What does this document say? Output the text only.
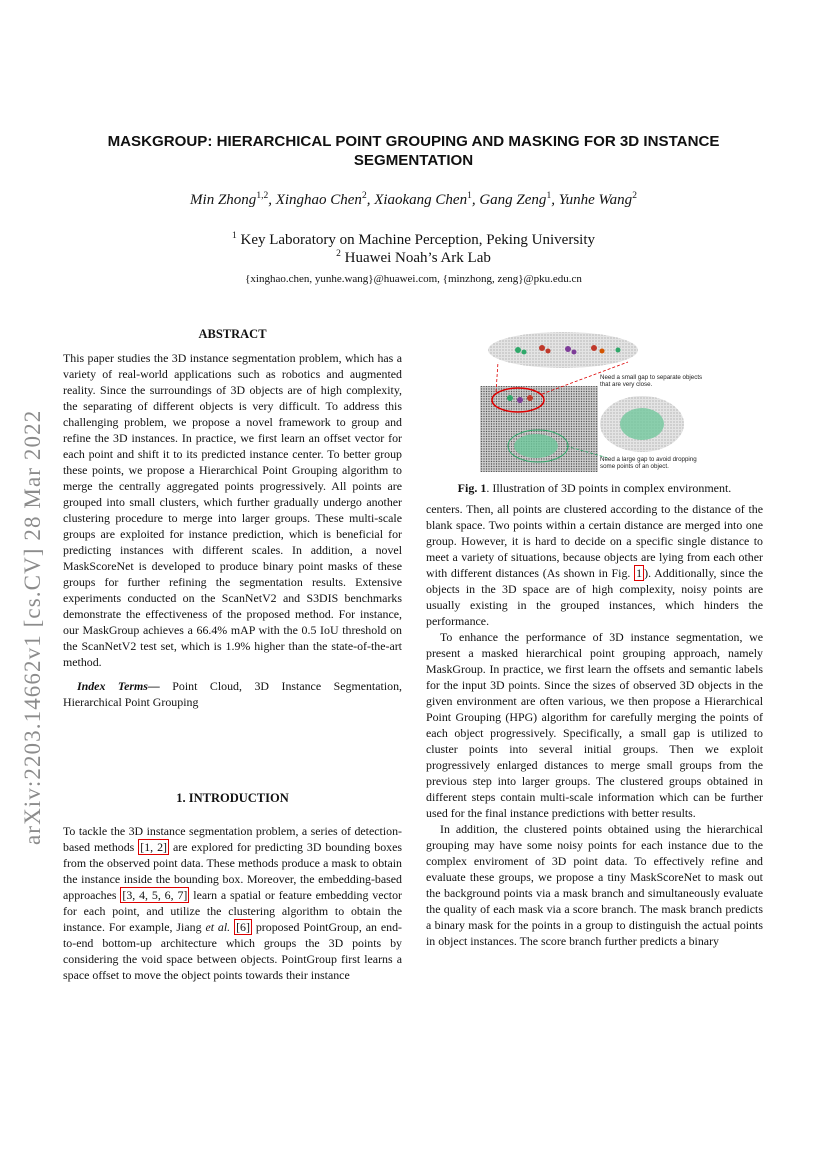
arXiv:2203.14662v1 [cs.CV] 28 Mar 2022
MASKGROUP: HIERARCHICAL POINT GROUPING AND MASKING FOR 3D INSTANCE
SEGMENTATION
Min Zhong$^{1,2}$, Xinghao Chen$^2$, Xiaokang Chen$^1$, Gang Zeng$^1$, Yunhe Wang$^2$
$^1$ Key Laboratory on Machine Perception, Peking University
$^2$ Huawei Noah’s Ark Lab
{xinghao.chen, yunhe.wang}@huawei.com, {minzhong, zeng}@pku.edu.cn
ABSTRACT

This paper studies the 3D instance segmentation problem, which has a variety of real-world applications such as robotics and augmented reality. Since the surroundings of 3D objects are of high complexity, the separating of different objects is very difficult. To address this challenging problem, we propose a novel framework to group and refine the 3D instances. In practice, we first learn an offset vector for each point and shift it to its predicted instance center. To better group these points, we propose a Hierarchical Point Grouping algorithm to merge the centrally aggregated points progressively. All points are grouped into small clusters, which further gradually undergo another clustering procedure to merge into larger groups. These multi-scale groups are exploited for instance prediction, which is beneficial for predicting instances with different scales. In addition, a novel MaskScoreNet is developed to produce binary point masks of these groups for further refining the segmentation results. Extensive experiments conducted on the ScanNetV2 and S3DIS benchmarks demonstrate the effectiveness of the proposed method. For instance, our MaskGroup achieves a 66.4% mAP with the 0.5 IoU threshold on the ScanNetV2 test set, which is 1.9% higher than the state-of-the-art method.

Index Terms— Point Cloud, 3D Instance Segmentation, Hierarchical Point Grouping

1. INTRODUCTION

To tackle the 3D instance segmentation problem, a series of detection-based methods [1, 2] are explored for predicting 3D bounding boxes from the observed point data. These methods produce a mask to obtain the instance inside the bounding box. Moreover, the embedding-based approaches [3, 4, 5, 6, 7] learn a spatial or feature embedding vector for each point, and utilize the clustering algorithm to obtain the instance. For example, Jiang et al. [6] proposed PointGroup, an end-to-end bottom-up architecture which groups the 3D points by considering the void space between objects. PointGroup first learns a space offset to move the object points towards their instance

Need a small gap to separate objects that are very close.
Need a large gap to avoid dropping some points of an object.
Fig. 1. Illustration of 3D points in complex environment.

centers. Then, all points are clustered according to the distance of the blank space. Two points within a certain distance are merged into one group. However, it is hard to decide on a specific single distance to meet a variety of situations, because objects are lying from each other with different distances (As shown in Fig. 1 ). Additionally, since the objects in the 3D space are of high complexity, noisy points are usually existing in the grouped instances, which hinders the performance.

To enhance the performance of 3D instance segmentation, we present a masked hierarchical point grouping approach, namely MaskGroup. In practice, we first learn the offsets and semantic labels for the input 3D points. Since the sizes of observed 3D objects in the given environment are often various, we then propose a Hierarchical Point Grouping (HPG) algorithm for carefully merging the points of each object progressively. Specifically, a small gap is utilized to cluster points into several initial groups. Then we exploit progressively enlarged distances to merge small groups from the previous step into larger groups. The clustered groups obtained in different steps contain multi-scale information which can be further used for the final instance predictions with better results.

In addition, the clustered points obtained using the hierarchical grouping may have some noisy points for each instance due to the complex enviroment of 3D point data. To effectively refine and evaluate these groups, we propose a tiny MaskScoreNet to mask out the background points via a mask branch and simultaneously evaluate the quality of each mask via a score branch. The mask branch predicts a binary mask for the points in a group to distinguish the actual points in object instances. The score branch further predicts a binary
